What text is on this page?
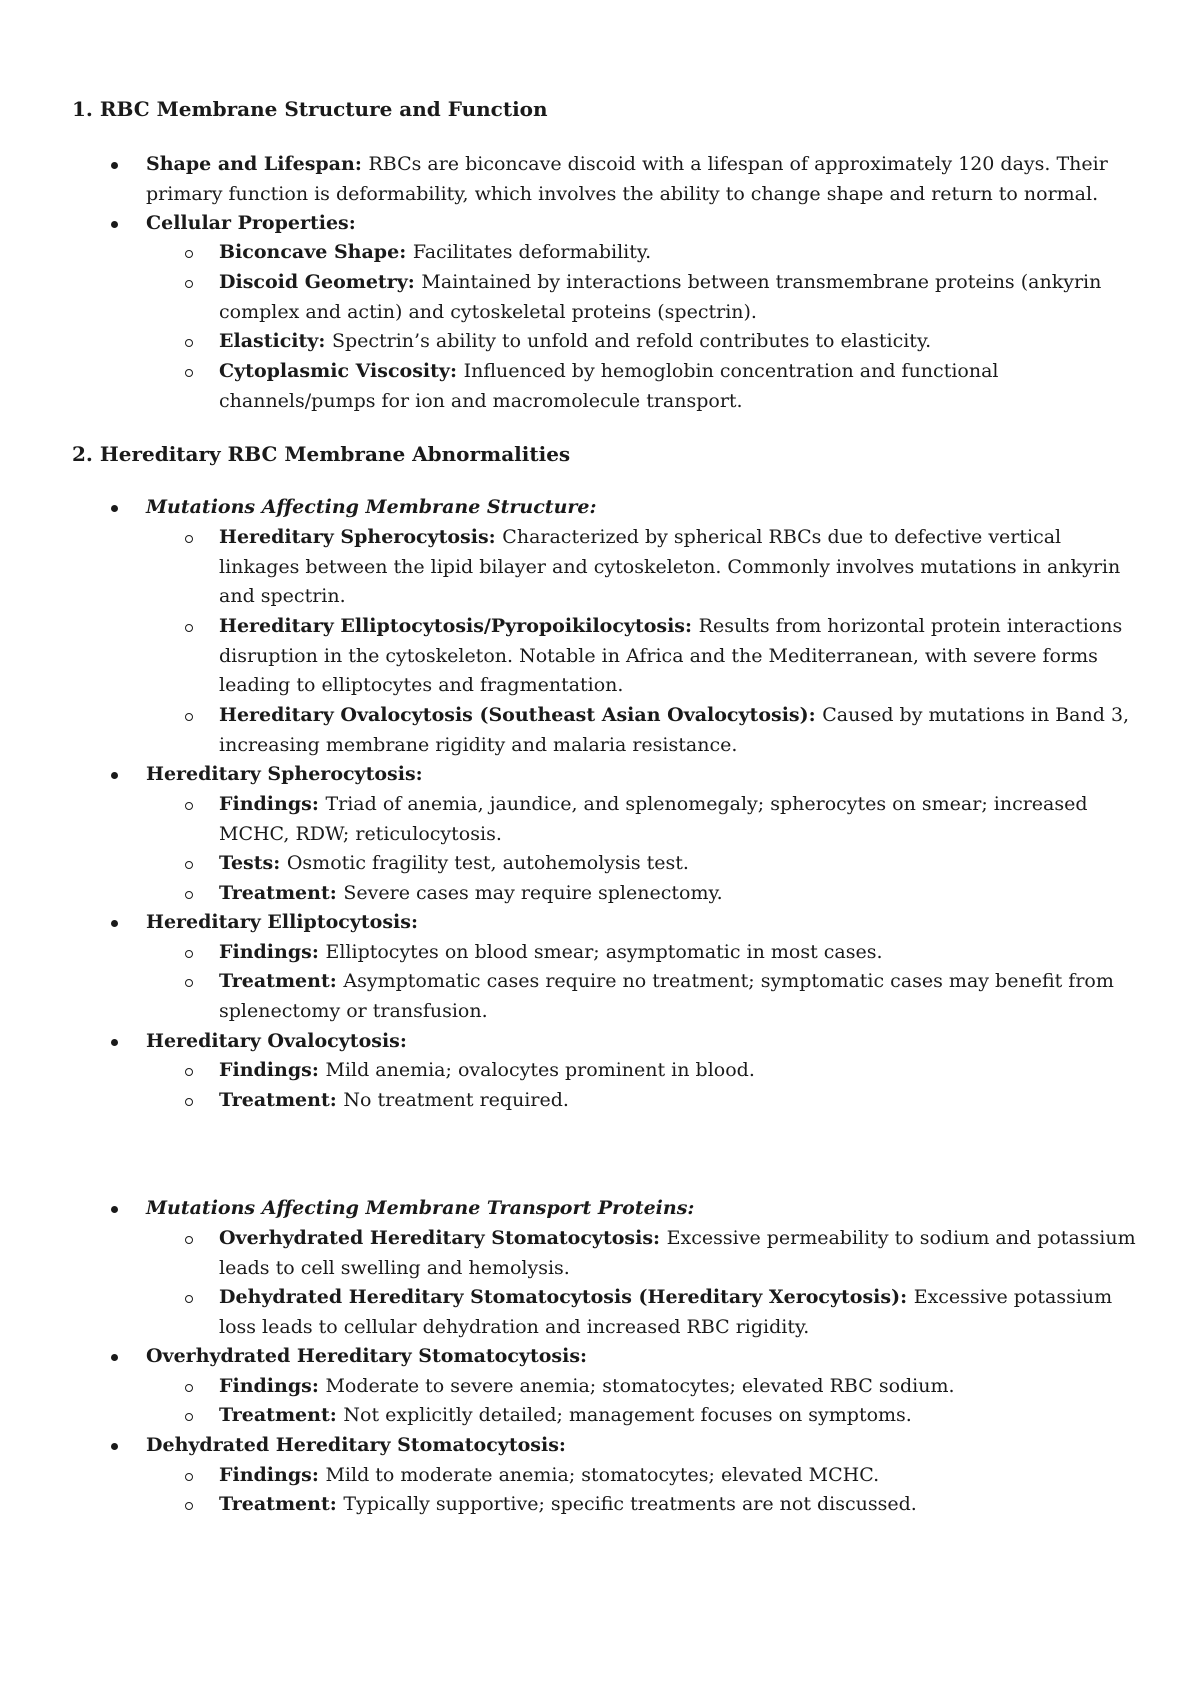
1. RBC Membrane Structure and Function
Shape and Lifespan: RBCs are biconcave discoid with a lifespan of approximately 120 days. Their primary function is deformability, which involves the ability to change shape and return to normal.
Cellular Properties:
Biconcave Shape: Facilitates deformability.
Discoid Geometry: Maintained by interactions between transmembrane proteins (ankyrin complex and actin) and cytoskeletal proteins (spectrin).
Elasticity: Spectrin’s ability to unfold and refold contributes to elasticity.
Cytoplasmic Viscosity: Influenced by hemoglobin concentration and functional channels/pumps for ion and macromolecule transport.
2. Hereditary RBC Membrane Abnormalities
Mutations Affecting Membrane Structure:
Hereditary Spherocytosis: Characterized by spherical RBCs due to defective vertical linkages between the lipid bilayer and cytoskeleton. Commonly involves mutations in ankyrin and spectrin.
Hereditary Elliptocytosis/Pyropoikilocytosis: Results from horizontal protein interactions disruption in the cytoskeleton. Notable in Africa and the Mediterranean, with severe forms leading to elliptocytes and fragmentation.
Hereditary Ovalocytosis (Southeast Asian Ovalocytosis): Caused by mutations in Band 3, increasing membrane rigidity and malaria resistance.
Hereditary Spherocytosis:
Findings: Triad of anemia, jaundice, and splenomegaly; spherocytes on smear; increased MCHC, RDW; reticulocytosis.
Tests: Osmotic fragility test, autohemolysis test.
Treatment: Severe cases may require splenectomy.
Hereditary Elliptocytosis:
Findings: Elliptocytes on blood smear; asymptomatic in most cases.
Treatment: Asymptomatic cases require no treatment; symptomatic cases may benefit from splenectomy or transfusion.
Hereditary Ovalocytosis:
Findings: Mild anemia; ovalocytes prominent in blood.
Treatment: No treatment required.
Mutations Affecting Membrane Transport Proteins:
Overhydrated Hereditary Stomatocytosis: Excessive permeability to sodium and potassium leads to cell swelling and hemolysis.
Dehydrated Hereditary Stomatocytosis (Hereditary Xerocytosis): Excessive potassium loss leads to cellular dehydration and increased RBC rigidity.
Overhydrated Hereditary Stomatocytosis:
Findings: Moderate to severe anemia; stomatocytes; elevated RBC sodium.
Treatment: Not explicitly detailed; management focuses on symptoms.
Dehydrated Hereditary Stomatocytosis:
Findings: Mild to moderate anemia; stomatocytes; elevated MCHC.
Treatment: Typically supportive; specific treatments are not discussed.
